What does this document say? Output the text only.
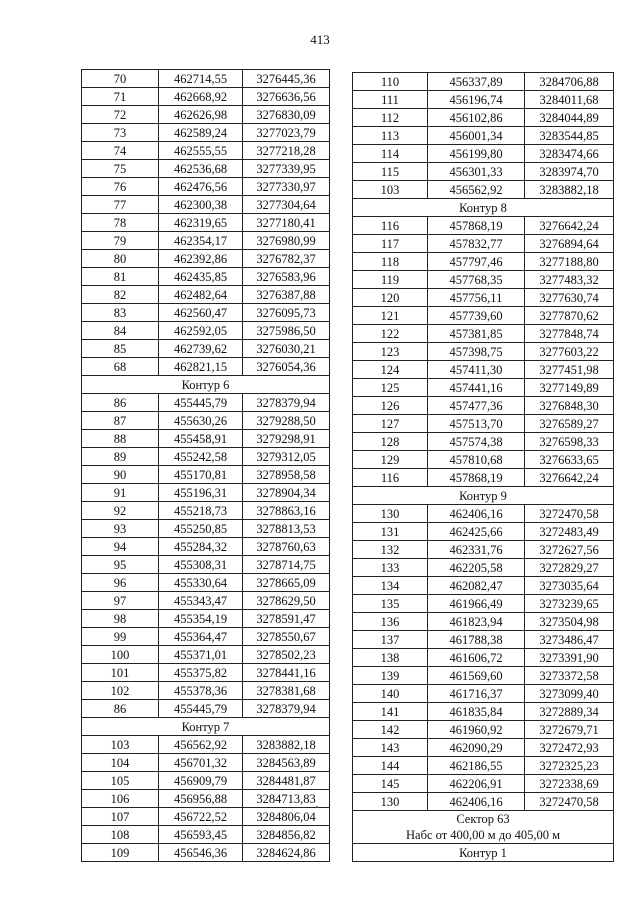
413
70	462714,55	3276445,36
71	462668,92	3276636,56
72	462626,98	3276830,09
73	462589,24	3277023,79
74	462555,55	3277218,28
75	462536,68	3277339,95
76	462476,56	3277330,97
77	462300,38	3277304,64
78	462319,65	3277180,41
79	462354,17	3276980,99
80	462392,86	3276782,37
81	462435,85	3276583,96
82	462482,64	3276387,88
83	462560,47	3276095,73
84	462592,05	3275986,50
85	462739,62	3276030,21
68	462821,15	3276054,36
Контур 6		
86	455445,79	3278379,94
87	455630,26	3279288,50
88	455458,91	3279298,91
89	455242,58	3279312,05
90	455170,81	3278958,58
91	455196,31	3278904,34
92	455218,73	3278863,16
93	455250,85	3278813,53
94	455284,32	3278760,63
95	455308,31	3278714,75
96	455330,64	3278665,09
97	455343,47	3278629,50
98	455354,19	3278591,47
99	455364,47	3278550,67
100	455371,01	3278502,23
101	455375,82	3278441,16
102	455378,36	3278381,68
86	455445,79	3278379,94
Контур 7		
103	456562,92	3283882,18
104	456701,32	3284563,89
105	456909,79	3284481,87
106	456956,88	3284713,83
107	456722,52	3284806,04
108	456593,45	3284856,82
109	456546,36	3284624,86
110	456337,89	3284706,88
111	456196,74	3284011,68
112	456102,86	3284044,89
113	456001,34	3283544,85
114	456199,80	3283474,66
115	456301,33	3283974,70
103	456562,92	3283882,18
Контур 8		
116	457868,19	3276642,24
117	457832,77	3276894,64
118	457797,46	3277188,80
119	457768,35	3277483,32
120	457756,11	3277630,74
121	457739,60	3277870,62
122	457381,85	3277848,74
123	457398,75	3277603,22
124	457411,30	3277451,98
125	457441,16	3277149,89
126	457477,36	3276848,30
127	457513,70	3276589,27
128	457574,38	3276598,33
129	457810,68	3276633,65
116	457868,19	3276642,24
Контур 9		
130	462406,16	3272470,58
131	462425,66	3272483,49
132	462331,76	3272627,56
133	462205,58	3272829,27
134	462082,47	3273035,64
135	461966,49	3273239,65
136	461823,94	3273504,98
137	461788,38	3273486,47
138	461606,72	3273391,90
139	461569,60	3273372,58
140	461716,37	3273099,40
141	461835,84	3272889,34
142	461960,92	3272679,71
143	462090,29	3272472,93
144	462186,55	3272325,23
145	462206,91	3272338,69
130	462406,16	3272470,58

Сектор 63
Набс от 400,00 м до 405,00 м		

Контур 1		
